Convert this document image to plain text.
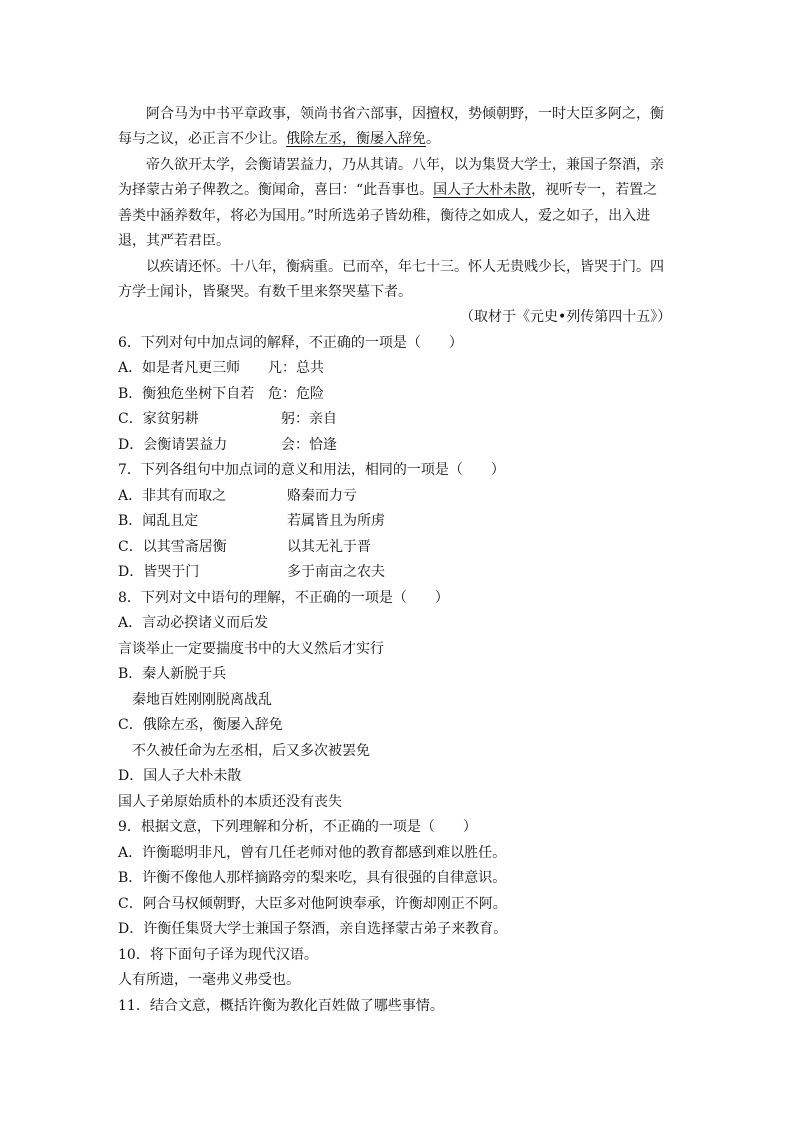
阿合马为中书平章政事，领尚书省六部事，因擅权，势倾朝野，一时大臣多阿之，衡
每与之议，必正言不少让。俄除左丞，衡屡入辞免。
帝久欲开太学，会衡请罢益力，乃从其请。八年，以为集贤大学士，兼国子祭酒，亲
为择蒙古弟子俾教之。衡闻命，喜曰：“此吾事也。国人子大朴未散，视听专一，若置之
善类中涵养数年，将必为国用。”时所选弟子皆幼稚，衡待之如成人，爱之如子，出入进
退，其严若君臣。
以疾请还怀。十八年，衡病重。已而卒，年七十三。怀人无贵贱少长，皆哭于门。四
方学士闻讣，皆聚哭。有数千里来祭哭墓下者。
（取材于《元史•列传第四十五》）
6．下列对句中加点词的解释，不正确的一项是（　　）
A．如是者凡更三师 凡：总共
B．衡独危坐树下自若 危：危险
C．家贫躬耕	躬：亲自
D．会衡请罢益力	会：恰逢
7．下列各组句中加点词的意义和用法，相同的一项是（　　）
A．非其有而取之	赂秦而力亏
B．闻乱且定	若属皆且为所虏
C．以其雪斋居衡	以其无礼于晋
D．皆哭于门	多于南亩之农夫
8．下列对文中语句的理解，不正确的一项是（　　）
A．言动必揆诸义而后发
言谈举止一定要揣度书中的大义然后才实行
B．秦人新脱于兵
秦地百姓刚刚脱离战乱
C．俄除左丞，衡屡入辞免
不久被任命为左丞相，后又多次被罢免
D．国人子大朴未散
国人子弟原始质朴的本质还没有丧失
9．根据文意，下列理解和分析，不正确的一项是（　　）
A．许衡聪明非凡，曾有几任老师对他的教育都感到难以胜任。
B．许衡不像他人那样摘路旁的梨来吃，具有很强的自律意识。
C．阿合马权倾朝野，大臣多对他阿谀奉承，许衡却刚正不阿。
D．许衡任集贤大学士兼国子祭酒，亲自选择蒙古弟子来教育。
10．将下面句子译为现代汉语。
人有所遗，一毫弗义弗受也。
11．结合文意，概括许衡为教化百姓做了哪些事情。
